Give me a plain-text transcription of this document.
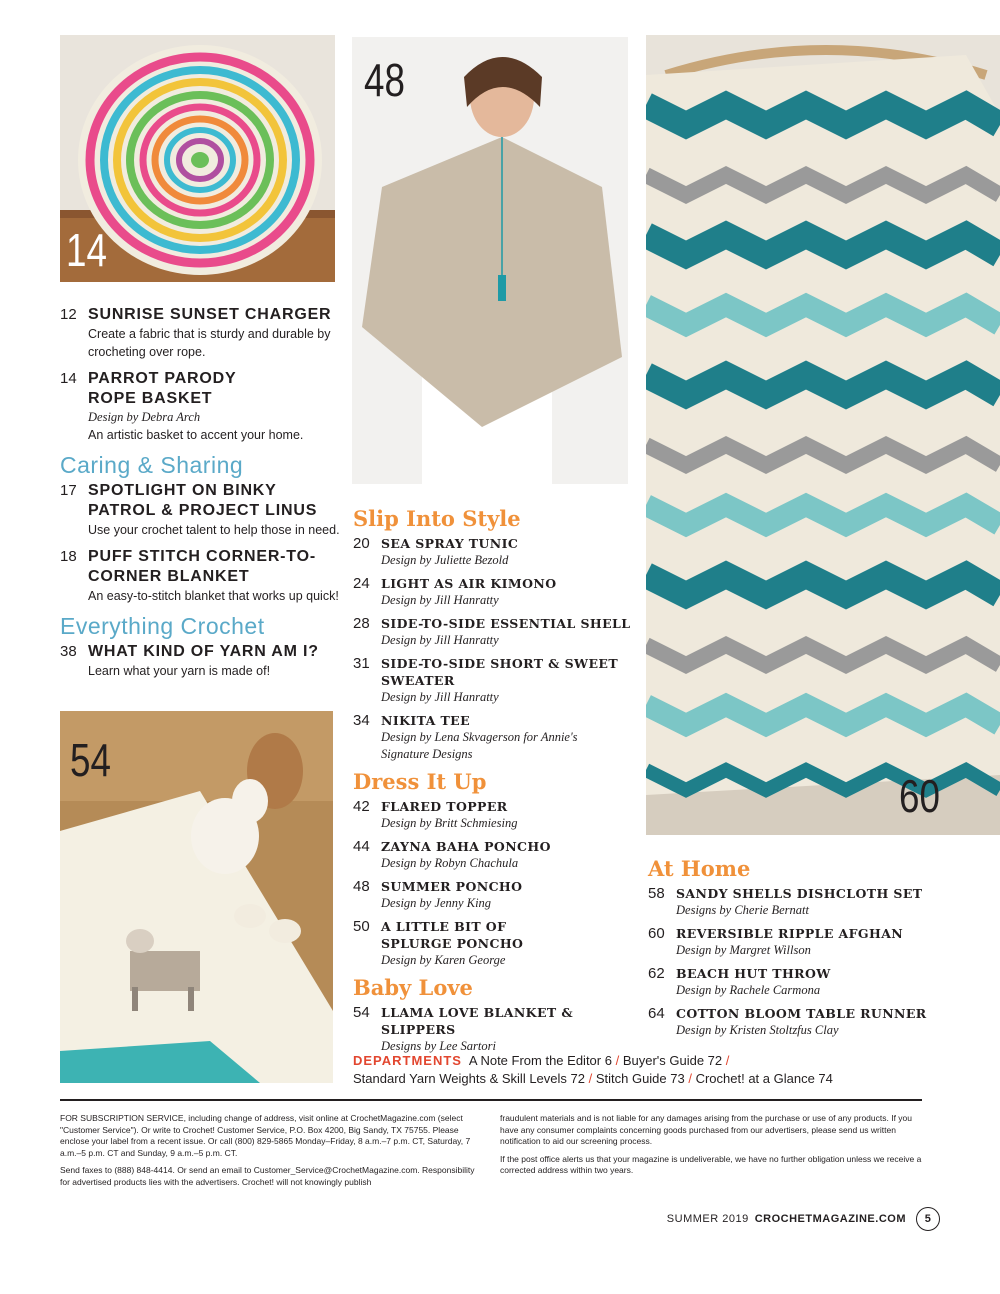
14
48
60
54
12 SUNRISE SUNSET CHARGER
Create a fabric that is sturdy and durable by crocheting over rope.
14 PARROT PARODY ROPE BASKET
Design by Debra Arch
An artistic basket to accent your home.
Caring & Sharing
17 SPOTLIGHT ON BINKY PATROL & PROJECT LINUS
Use your crochet talent to help those in need.
18 PUFF STITCH CORNER-TO-CORNER BLANKET
An easy-to-stitch blanket that works up quick!
Everything Crochet
38 WHAT KIND OF YARN AM I?
Learn what your yarn is made of!
Slip Into Style
20 SEA SPRAY TUNIC
Design by Juliette Bezold
24 LIGHT AS AIR KIMONO
Design by Jill Hanratty
28 SIDE-TO-SIDE ESSENTIAL SHELL
Design by Jill Hanratty
31 SIDE-TO-SIDE SHORT & SWEET SWEATER
Design by Jill Hanratty
34 NIKITA TEE
Design by Lena Skvagerson for Annie's Signature Designs
Dress It Up
42 FLARED TOPPER
Design by Britt Schmiesing
44 ZAYNA BAHA PONCHO
Design by Robyn Chachula
48 SUMMER PONCHO
Design by Jenny King
50 A LITTLE BIT OF SPLURGE PONCHO
Design by Karen George
Baby Love
54 LLAMA LOVE BLANKET & SLIPPERS
Designs by Lee Sartori
At Home
58 SANDY SHELLS DISHCLOTH SET
Designs by Cherie Bernatt
60 REVERSIBLE RIPPLE AFGHAN
Design by Margret Willson
62 BEACH HUT THROW
Design by Rachele Carmona
64 COTTON BLOOM TABLE RUNNER
Design by Kristen Stoltzfus Clay
DEPARTMENTS A Note From the Editor 6 / Buyer's Guide 72 /
Standard Yarn Weights & Skill Levels 72 / Stitch Guide 73 / Crochet! at a Glance 74

FOR SUBSCRIPTION SERVICE, including change of address, visit online at CrochetMagazine.com (select "Customer Service"). Or write to Crochet! Customer Service, P.O. Box 4200, Big Sandy, TX 75755. Please enclose your label from a recent issue. Or call (800) 829-5865 Monday–Friday, 8 a.m.–7 p.m. CT, Saturday, 7 a.m.–5 p.m. CT and Sunday, 9 a.m.–5 p.m. CT.

Send faxes to (888) 848-4414. Or send an email to Customer_Service@CrochetMagazine.com. Responsibility for advertised products lies with the advertisers. Crochet! will not knowingly publish

fraudulent materials and is not liable for any damages arising from the purchase or use of any products. If you have any consumer complaints concerning goods purchased from our advertisers, please send us written notification to aid our screening process.

If the post office alerts us that your magazine is undeliverable, we have no further obligation unless we receive a corrected address within two years.

SUMMER 2019 CROCHETMAGAZINE.COM	5
